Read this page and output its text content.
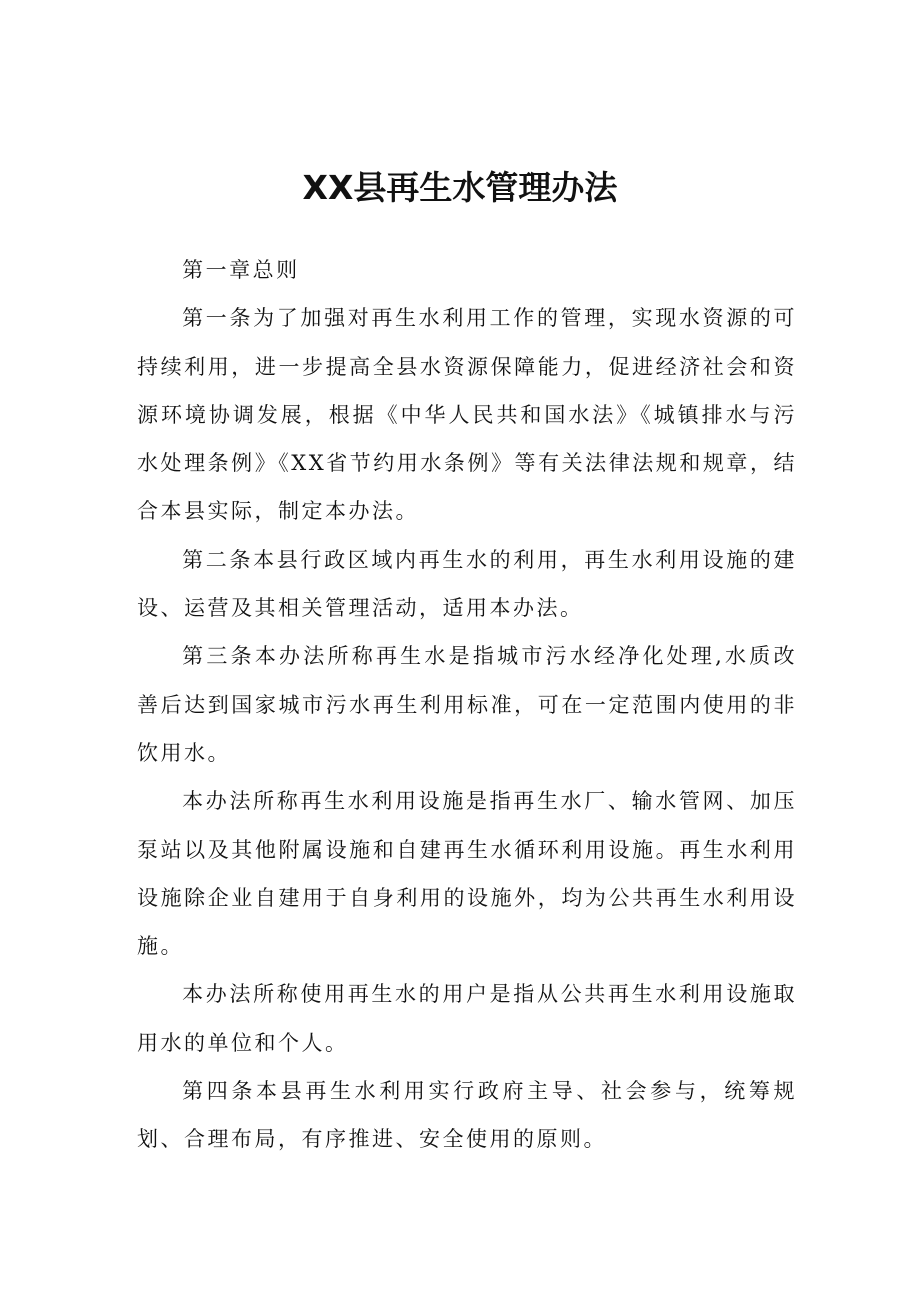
XX县再生水管理办法

第一章总则

第一条为了加强对再生水利用工作的管理，实现水资源的可持续利用，进一步提高全县水资源保障能力，促进经济社会和资源环境协调发展，根据《中华人民共和国水法》《城镇排水与污水处理条例》《XX省节约用水条例》等有关法律法规和规章，结合本县实际，制定本办法。

第二条本县行政区域内再生水的利用，再生水利用设施的建设、运营及其相关管理活动，适用本办法。

第三条本办法所称再生水是指城市污水经净化处理,水质改善后达到国家城市污水再生利用标准，可在一定范围内使用的非饮用水。

本办法所称再生水利用设施是指再生水厂、输水管网、加压泵站以及其他附属设施和自建再生水循环利用设施。再生水利用设施除企业自建用于自身利用的设施外，均为公共再生水利用设施。

本办法所称使用再生水的用户是指从公共再生水利用设施取用水的单位和个人。

第四条本县再生水利用实行政府主导、社会参与，统筹规划、合理布局，有序推进、安全使用的原则。
